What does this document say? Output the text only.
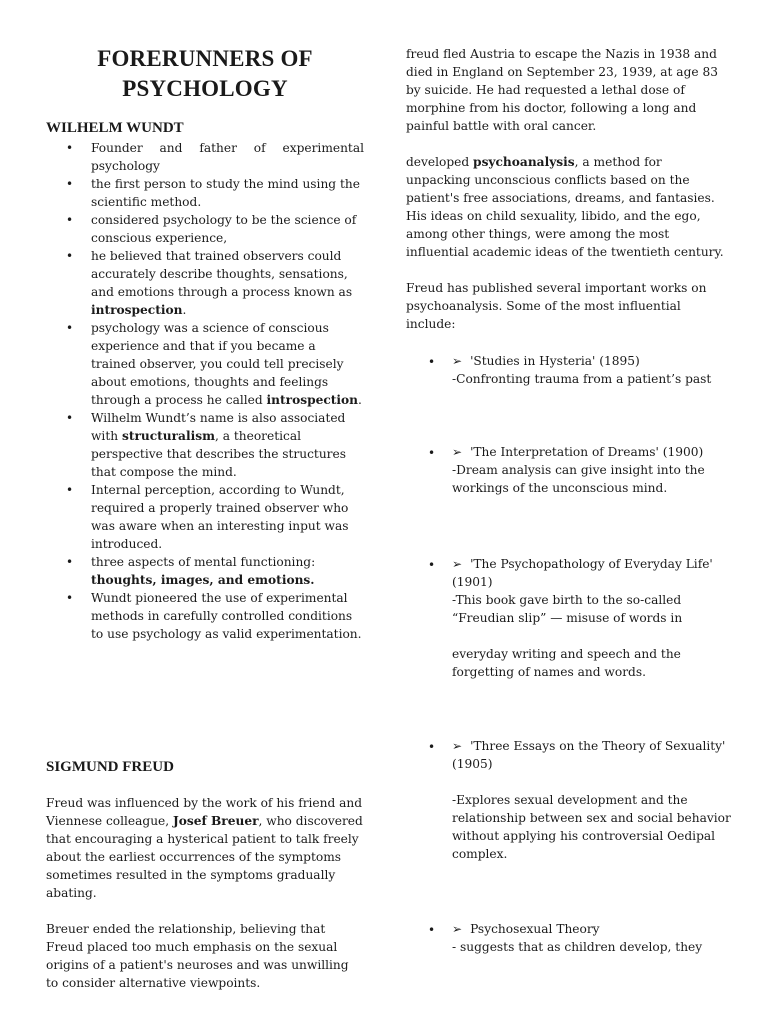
FORERUNNERS OF
PSYCHOLOGY
WILHELM WUNDT
• Founder and father of experimental psychology
• the first person to study the mind using the scientific method.
• considered psychology to be the science of conscious experience,
• he believed that trained observers could accurately describe thoughts, sensations, and emotions through a process known as introspection.
• psychology was a science of conscious experience and that if you became a trained observer, you could tell precisely about emotions, thoughts and feelings through a process he called introspection.
• Wilhelm Wundt’s name is also associated with structuralism, a theoretical perspective that describes the structures that compose the mind.
• Internal perception, according to Wundt, required a properly trained observer who was aware when an interesting input was introduced.
• three aspects of mental functioning: thoughts, images, and emotions.
• Wundt pioneered the use of experimental methods in carefully controlled conditions to use psychology as valid experimentation.
SIGMUND FREUD

Freud was influenced by the work of his friend and Viennese colleague, Josef Breuer, who discovered that encouraging a hysterical patient to talk freely about the earliest occurrences of the symptoms sometimes resulted in the symptoms gradually abating.

Breuer ended the relationship, believing that Freud placed too much emphasis on the sexual origins of a patient's neuroses and was unwilling to consider alternative viewpoints.

freud fled Austria to escape the Nazis in 1938 and died in England on September 23, 1939, at age 83 by suicide. He had requested a lethal dose of morphine from his doctor, following a long and painful battle with oral cancer.

developed psychoanalysis, a method for unpacking unconscious conflicts based on the patient's free associations, dreams, and fantasies. His ideas on child sexuality, libido, and the ego, among other things, were among the most influential academic ideas of the twentieth century.

Freud has published several important works on psychoanalysis. Some of the most influential include:

• ➢ 'Studies in Hysteria' (1895)
-Confronting trauma from a patient’s past
• ➢ 'The Interpretation of Dreams' (1900)
-Dream analysis can give insight into the workings of the unconscious mind.
• ➢ 'The Psychopathology of Everyday Life' (1901)
-This book gave birth to the so-called “Freudian slip” — misuse of words in
everyday writing and speech and the forgetting of names and words.
• ➢ 'Three Essays on the Theory of Sexuality' (1905)
-Explores sexual development and the relationship between sex and social behavior without applying his controversial Oedipal complex.
• ➢ Psychosexual Theory
- suggests that as children develop, they
